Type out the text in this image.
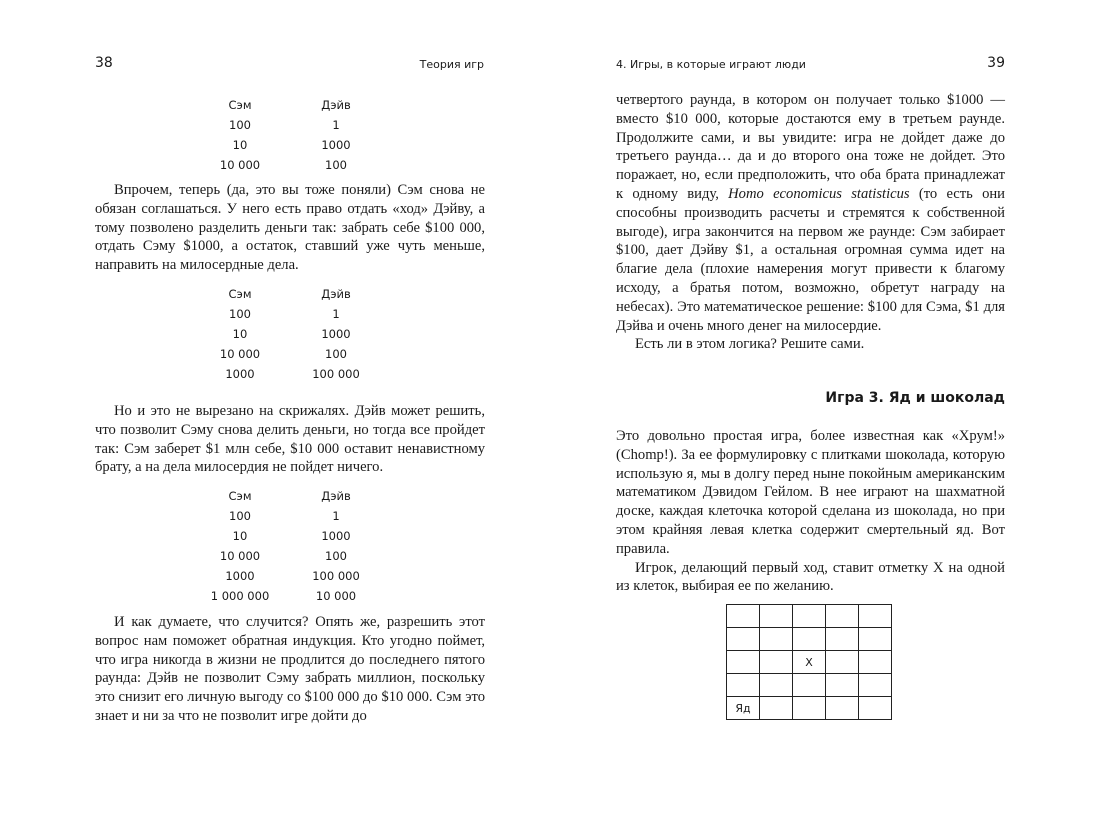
38	Теория игр
Сэм	Дэйв
100	1
10	1000
10 000	100

Впрочем, теперь (да, это вы тоже поняли) Сэм снова не обязан соглашаться. У него есть право отдать «ход» Дэйву, а тому позволено разделить деньги так: забрать себе $100 000, отдать Сэму $1000, а остаток, ставший уже чуть меньше, направить на милосердные дела.

Сэм	Дэйв
100	1
10	1000
10 000	100
1000	100 000

Но и это не вырезано на скрижалях. Дэйв может решить, что позволит Сэму снова делить деньги, но тогда все пройдет так: Сэм заберет $1 млн себе, $10 000 оставит ненавистному брату, а на дела милосердия не пойдет ничего.

Сэм	Дэйв
100	1
10	1000
10 000	100
1000	100 000
1 000 000	10 000

И как думаете, что случится? Опять же, разрешить этот вопрос нам поможет обратная индукция. Кто угодно поймет, что игра никогда в жизни не продлится до последнего пятого раунда: Дэйв не позволит Сэму забрать миллион, поскольку это снизит его личную выгоду со $100 000 до $10 000. Сэм это знает и ни за что не позволит игре дойти до

4. Игры, в которые играют люди	39

четвертого раунда, в котором он получает только $1000 — вместо $10 000, которые достаются ему в третьем раунде. Продолжите сами, и вы увидите: игра не дойдет даже до третьего раунда… да и до второго она тоже не дойдет. Это поражает, но, если предположить, что оба брата принадлежат к одному виду, Homo economicus statisticus (то есть они способны производить расчеты и стремятся к собственной выгоде), игра закончится на первом же раунде: Сэм забирает $100, дает Дэйву $1, а остальная огромная сумма идет на благие дела (плохие намерения могут привести к благому исходу, а братья потом, возможно, обретут награду на небесах). Это математическое решение: $100 для Сэма, $1 для Дэйва и очень много денег на милосердие.

Есть ли в этом логика? Решите сами.

Игра 3. Яд и шоколад

Это довольно простая игра, более известная как «Хрум!» (Chomp!). За ее формулировку с плитками шоколада, которую использую я, мы в долгу перед ныне покойным американским математиком Дэвидом Гейлом. В нее играют на шахматной доске, каждая клеточка которой сделана из шоколада, но при этом крайняя левая клетка содержит смертельный яд. Вот правила.

Игрок, делающий первый ход, ставит отметку X на одной из клеток, выбирая ее по желанию.

		X		

Яд				
